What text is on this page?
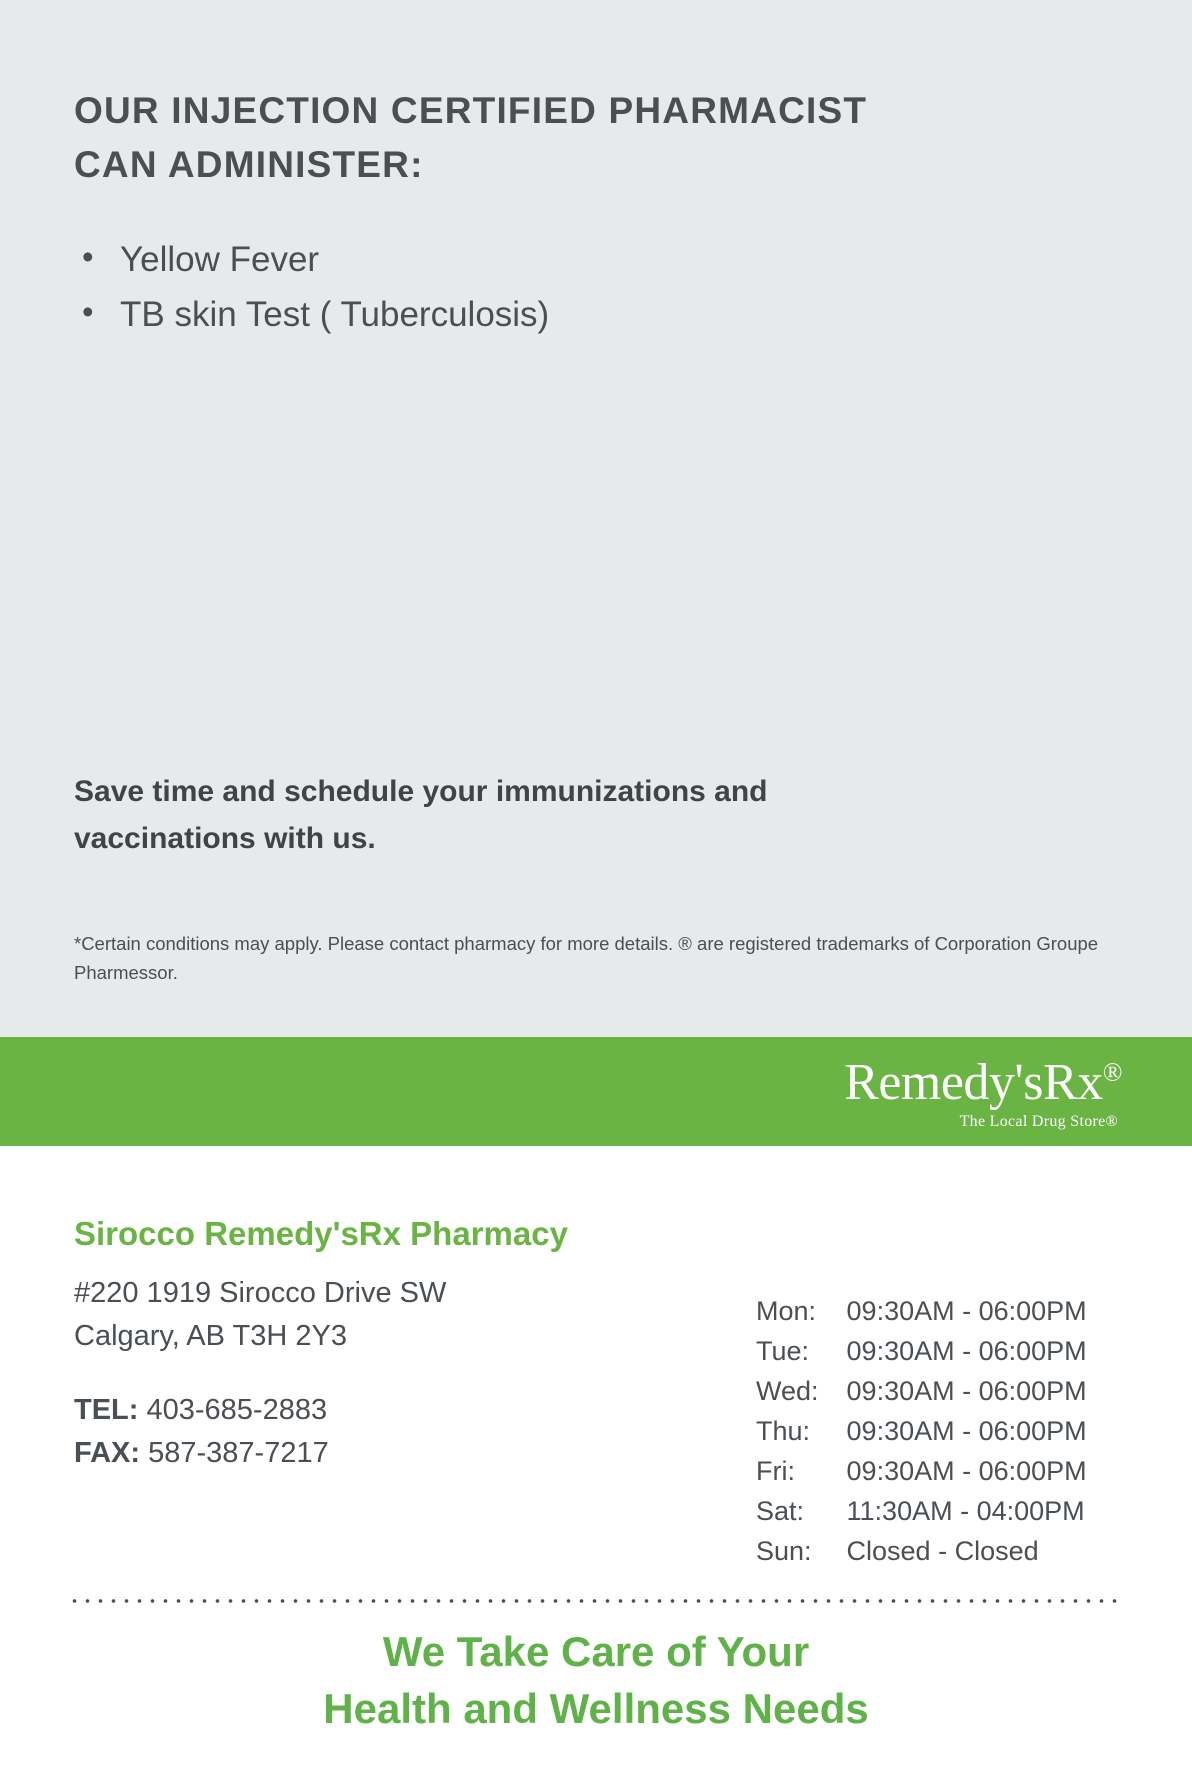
OUR INJECTION CERTIFIED PHARMACIST CAN ADMINISTER:
• Yellow Fever
• TB skin Test ( Tuberculosis)

Save time and schedule your immunizations and vaccinations with us.

*Certain conditions may apply. Please contact pharmacy for more details. ® are registered trademarks of Corporation Groupe Pharmessor.

Remedy'sRx®
The Local Drug Store®
Sirocco Remedy'sRx Pharmacy
#220 1919 Sirocco Drive SW
Calgary, AB T3H 2Y3
TEL: 403-685-2883
FAX: 587-387-7217
Mon:	09:30AM - 06:00PM
Tue:	09:30AM - 06:00PM
Wed:	09:30AM - 06:00PM
Thu:	09:30AM - 06:00PM
Fri:	09:30AM - 06:00PM
Sat:	11:30AM - 04:00PM
Sun:	Closed - Closed
We Take Care of Your
Health and Wellness Needs
